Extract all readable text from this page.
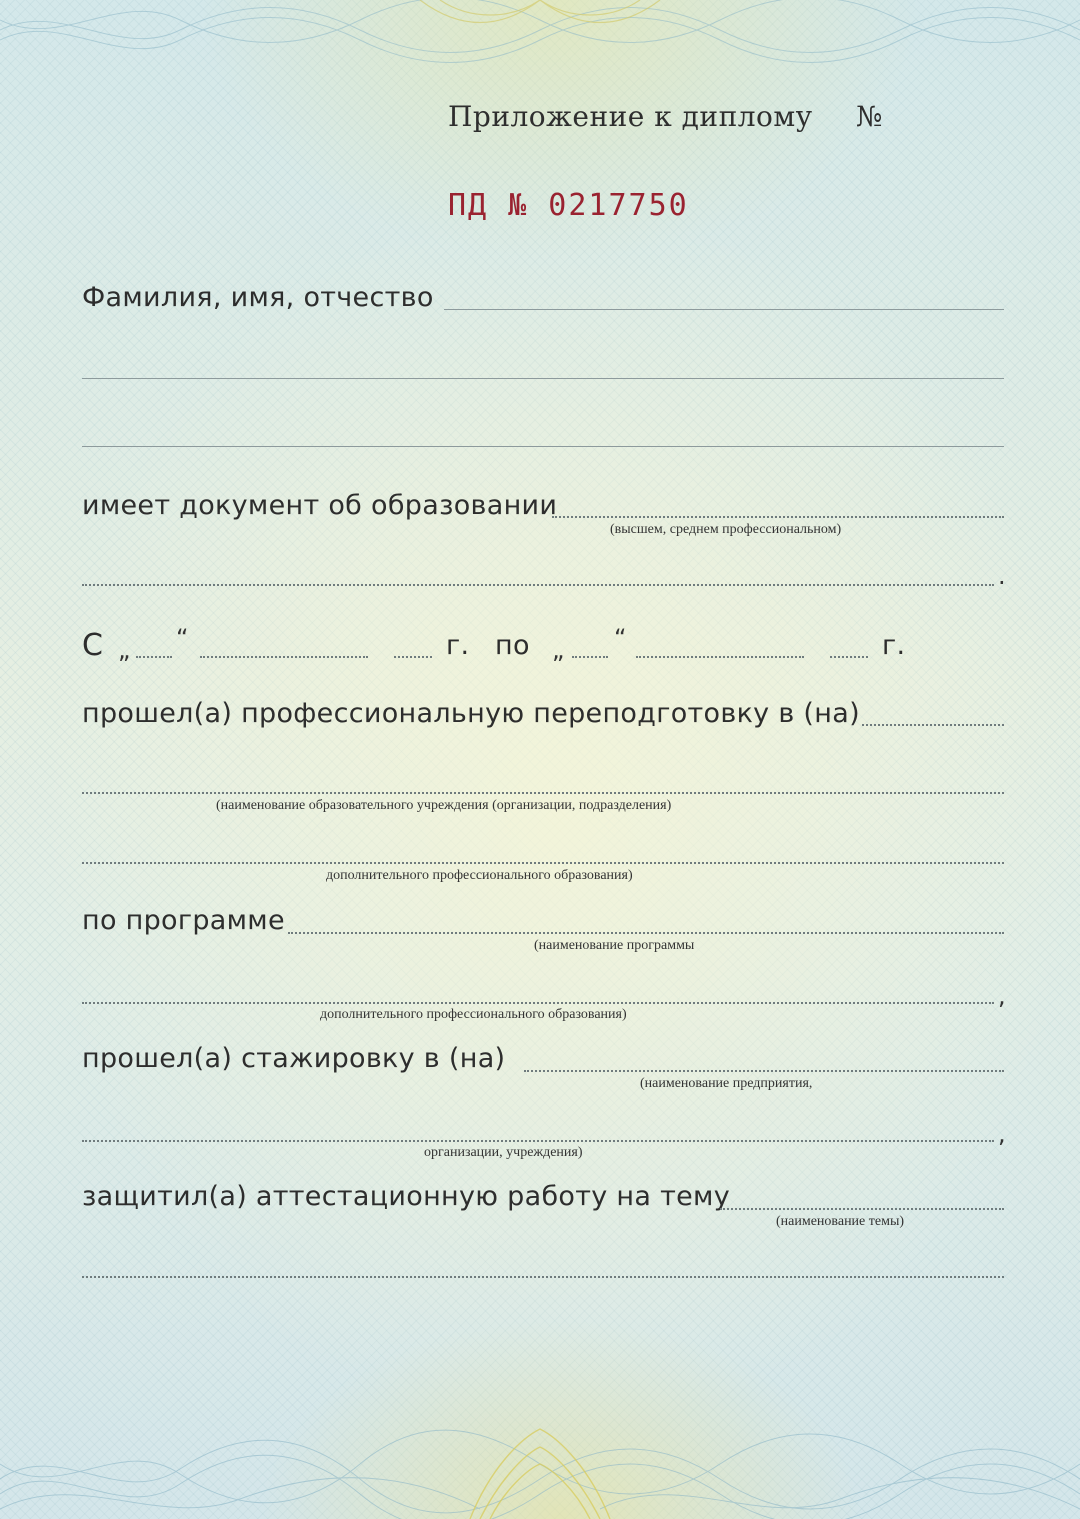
Приложение к диплому №
ПД № 0217750
Фамилия, имя, отчество
имеет документ об образовании
(высшем, среднем профессиональном)
.
С „ “	г. по „ “	г.
прошел(а) профессиональную переподготовку в (на)
(наименование образовательного учреждения (организации, подразделения)
дополнительного профессионального образования)
по программе
(наименование программы
,
дополнительного профессионального образования)
прошел(а) стажировку в (на)
(наименование предприятия,
,
организации, учреждения)
защитил(а) аттестационную работу на тему
(наименование темы)
